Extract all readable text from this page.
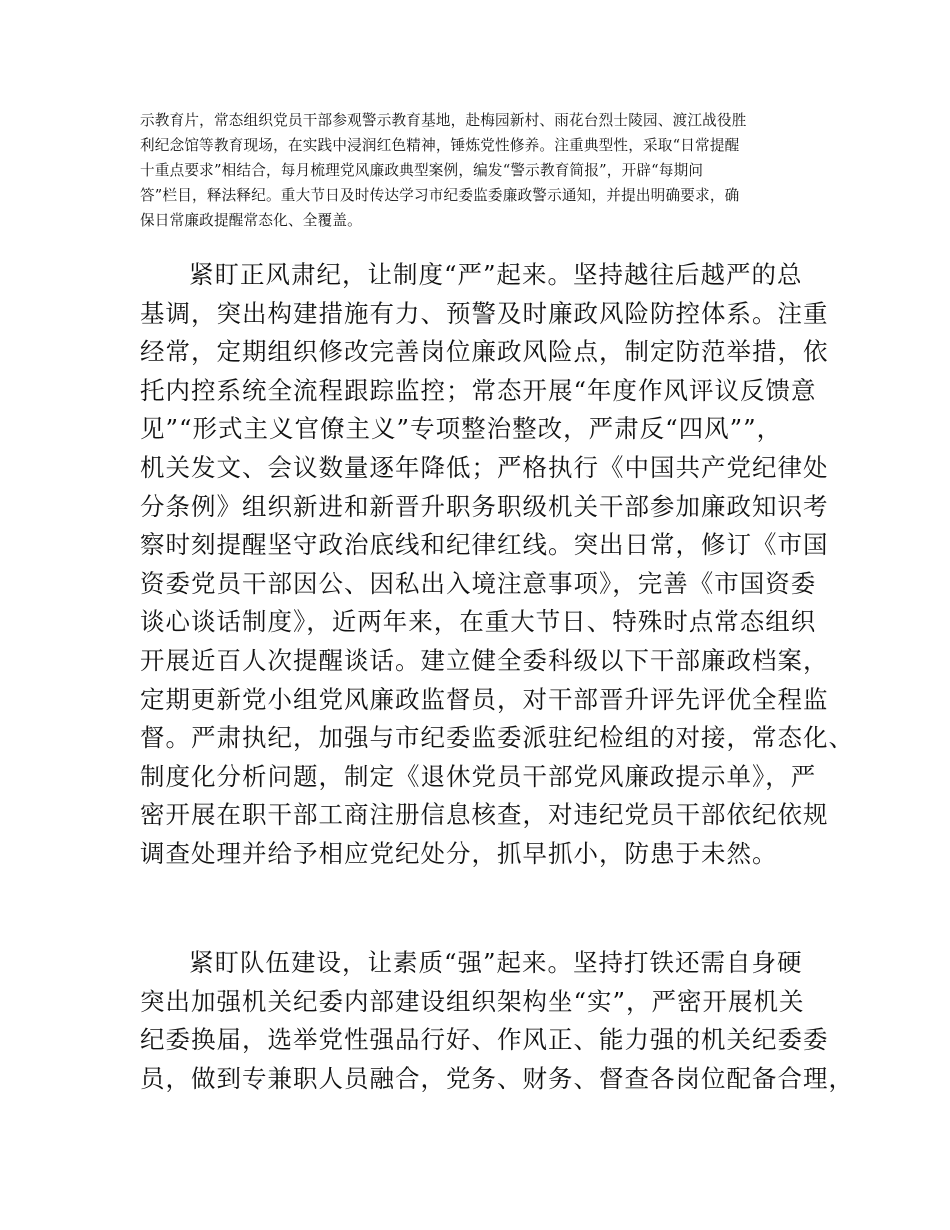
示教育片，常态组织党员干部参观警示教育基地，赴梅园新村、雨花台烈士陵园、渡江战役胜
利纪念馆等教育现场，在实践中浸润红色精神，锤炼党性修养。注重典型性，采取“日常提醒
十重点要求”相结合，每月梳理党风廉政典型案例，编发“警示教育简报”，开辟“每期问
答”栏目，释法释纪。重大节日及时传达学习市纪委监委廉政警示通知，并提出明确要求，确
保日常廉政提醒常态化、全覆盖。
紧盯正风肃纪，让制度“严”起来。坚持越往后越严的总
基调，突出构建措施有力、预警及时廉政风险防控体系。注重
经常，定期组织修改完善岗位廉政风险点，制定防范举措，依
托内控系统全流程跟踪监控；常态开展“年度作风评议反馈意
见”“形式主义官僚主义”专项整治整改，严肃反“四风””，
机关发文、会议数量逐年降低；严格执行《中国共产党纪律处
分条例》组织新进和新晋升职务职级机关干部参加廉政知识考
察时刻提醒坚守政治底线和纪律红线。突出日常，修订《市国
资委党员干部因公、因私出入境注意事项》，完善《市国资委
谈心谈话制度》，近两年来，在重大节日、特殊时点常态组织
开展近百人次提醒谈话。建立健全委科级以下干部廉政档案，
定期更新党小组党风廉政监督员，对干部晋升评先评优全程监
督。严肃执纪，加强与市纪委监委派驻纪检组的对接，常态化、
制度化分析问题，制定《退休党员干部党风廉政提示单》，严
密开展在职干部工商注册信息核查，对违纪党员干部依纪依规
调查处理并给予相应党纪处分，抓早抓小，防患于未然。
紧盯队伍建设，让素质“强”起来。坚持打铁还需自身硬
突出加强机关纪委内部建设组织架构坐“实”，严密开展机关
纪委换届，选举党性强品行好、作风正、能力强的机关纪委委
员，做到专兼职人员融合，党务、财务、督查各岗位配备合理，
